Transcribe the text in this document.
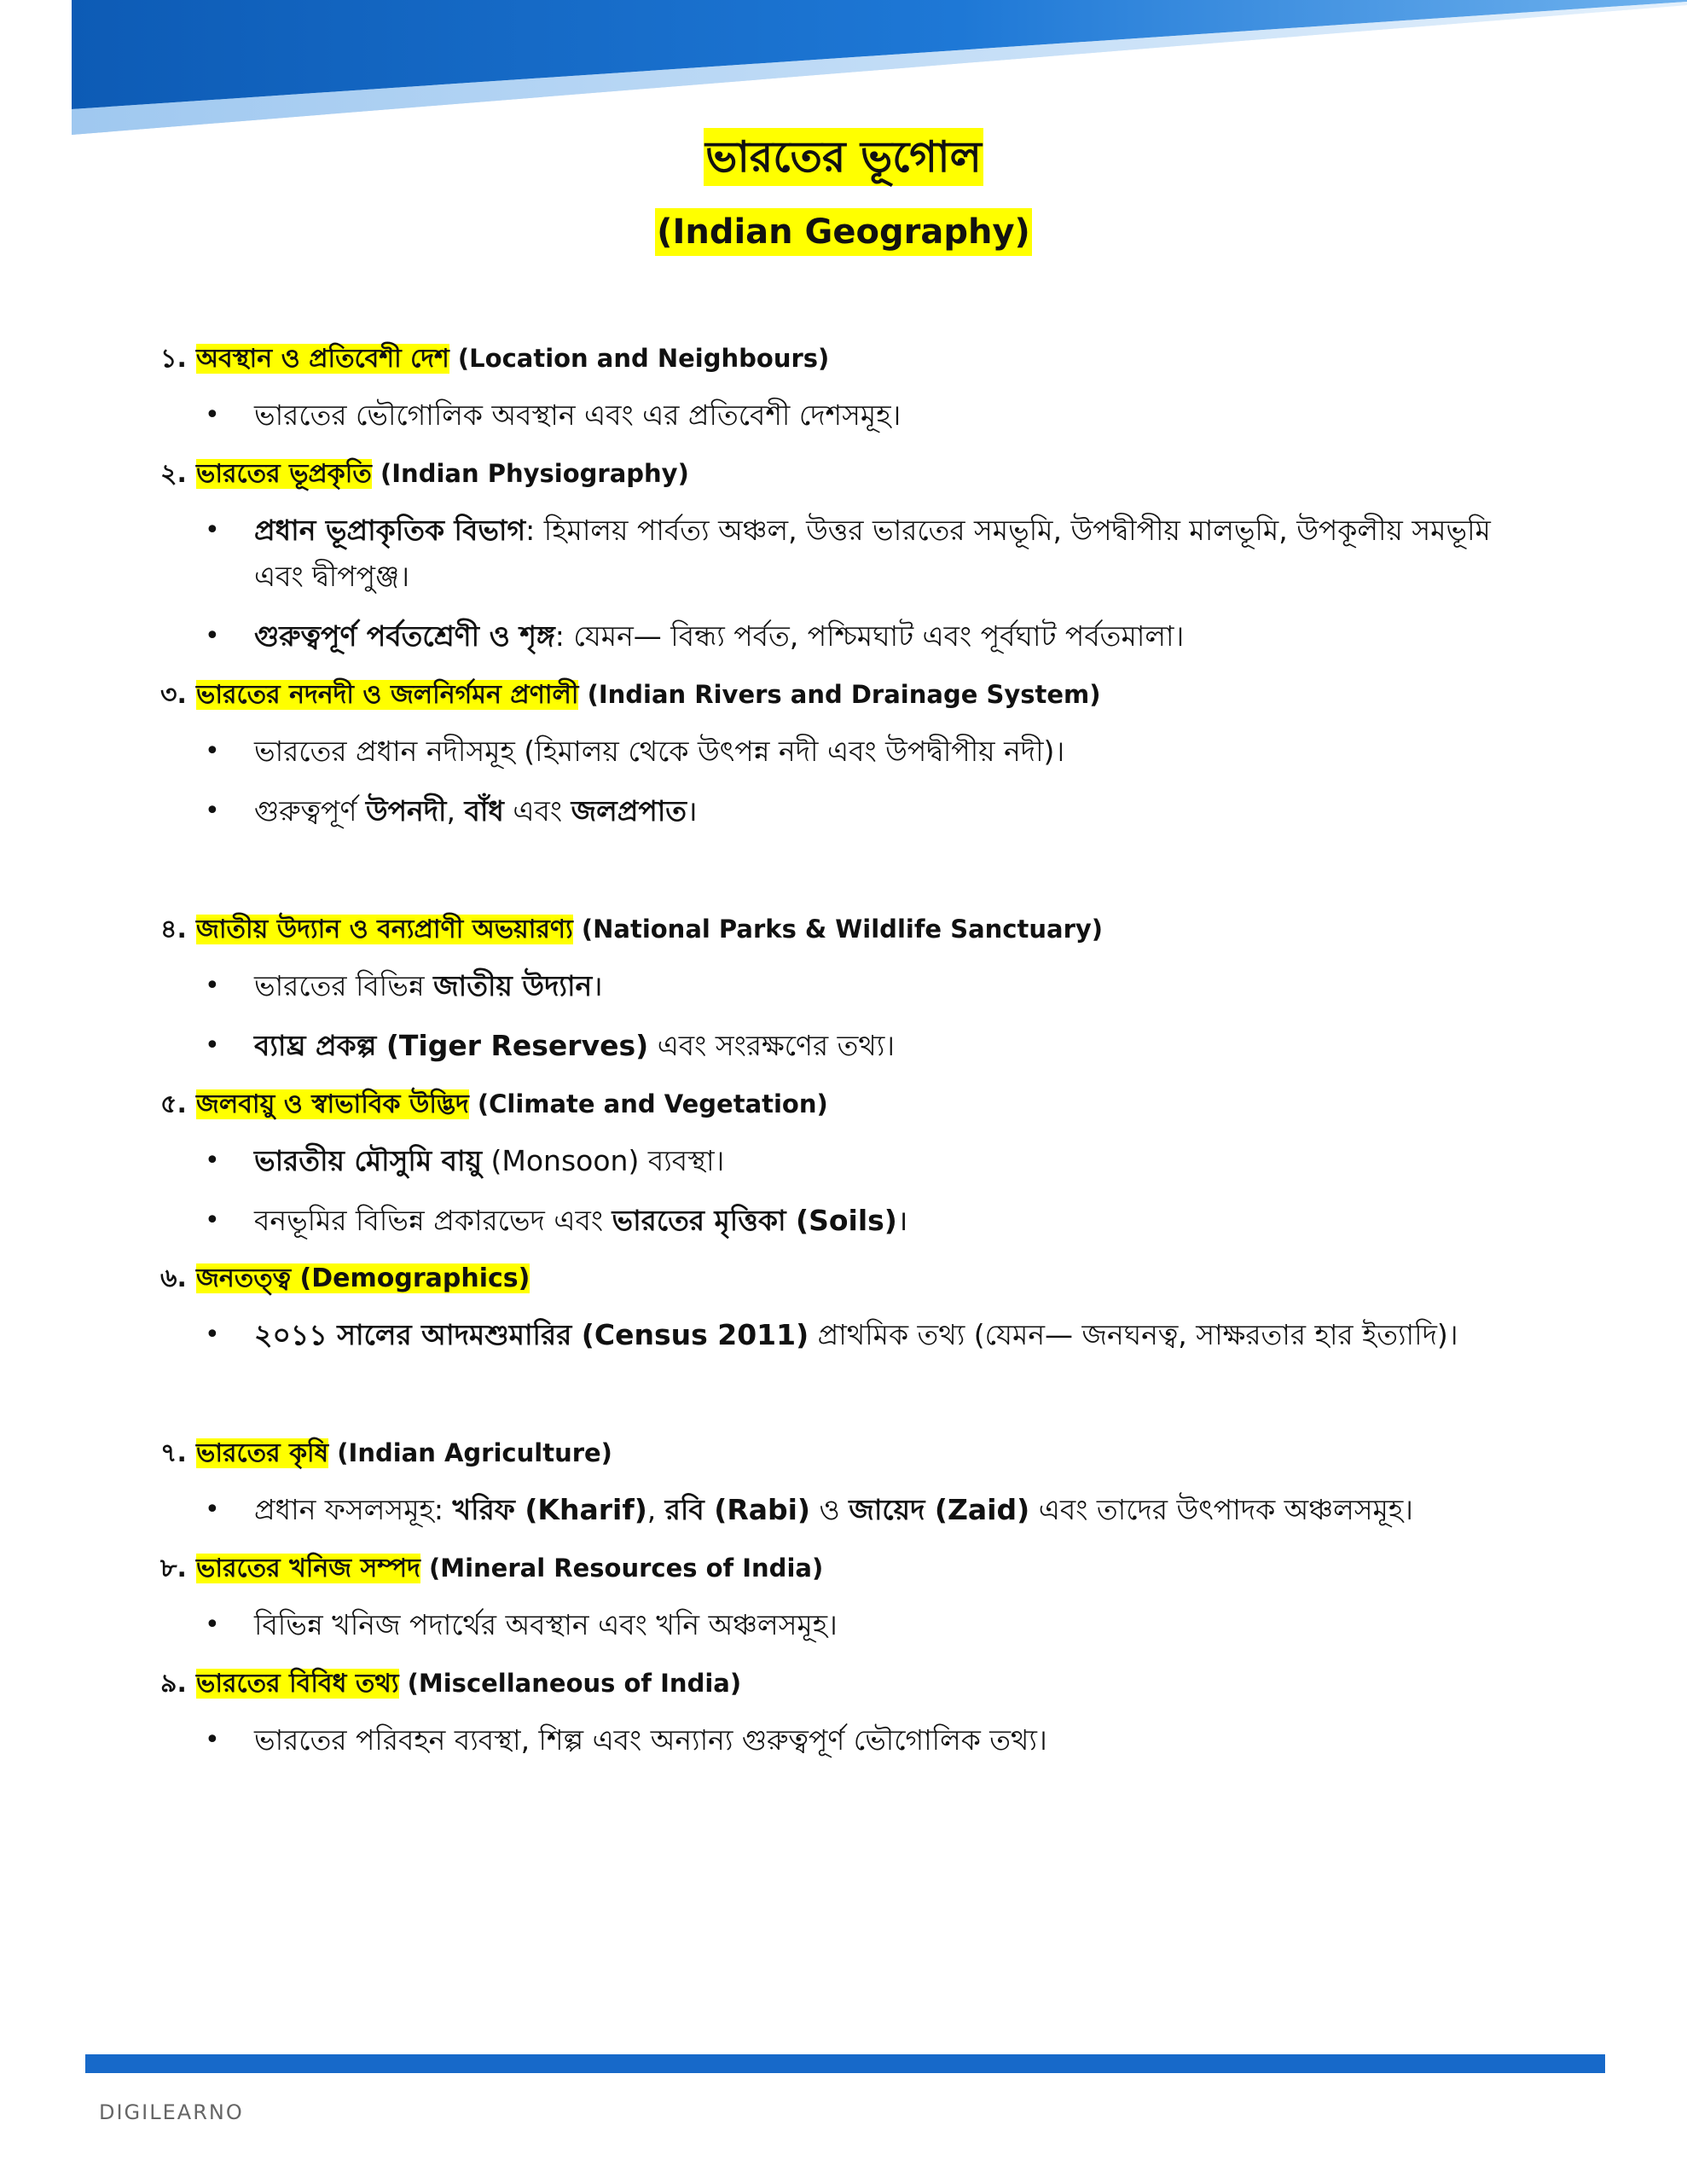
ভারতের ভূগোল
(Indian Geography)
১. অবস্থান ও প্রতিবেশী দেশ (Location and Neighbours)
• ভারতের ভৌগোলিক অবস্থান এবং এর প্রতিবেশী দেশসমূহ।
২. ভারতের ভূপ্রকৃতি (Indian Physiography)
• প্রধান ভূপ্রাকৃতিক বিভাগ: হিমালয় পার্বত্য অঞ্চল, উত্তর ভারতের সমভূমি, উপদ্বীপীয় মালভূমি, উপকূলীয় সমভূমি এবং দ্বীপপুঞ্জ।
• গুরুত্বপূর্ণ পর্বতশ্রেণী ও শৃঙ্গ: যেমন— বিন্ধ্য পর্বত, পশ্চিমঘাট এবং পূর্বঘাট পর্বতমালা।
৩. ভারতের নদনদী ও জলনির্গমন প্রণালী (Indian Rivers and Drainage System)
• ভারতের প্রধান নদীসমূহ (হিমালয় থেকে উৎপন্ন নদী এবং উপদ্বীপীয় নদী)।
• গুরুত্বপূর্ণ উপনদী, বাঁধ এবং জলপ্রপাত।
৪. জাতীয় উদ্যান ও বন্যপ্রাণী অভয়ারণ্য (National Parks & Wildlife Sanctuary)
• ভারতের বিভিন্ন জাতীয় উদ্যান।
• ব্যাঘ্র প্রকল্প (Tiger Reserves) এবং সংরক্ষণের তথ্য।
৫. জলবায়ু ও স্বাভাবিক উদ্ভিদ (Climate and Vegetation)
• ভারতীয় মৌসুমি বায়ু (Monsoon) ব্যবস্থা।
• বনভূমির বিভিন্ন প্রকারভেদ এবং ভারতের মৃত্তিকা (Soils)।
৬. জনতত্ত্ব (Demographics)
• ২০১১ সালের আদমশুমারির (Census 2011) প্রাথমিক তথ্য (যেমন— জনঘনত্ব, সাক্ষরতার হার ইত্যাদি)।
৭. ভারতের কৃষি (Indian Agriculture)
• প্রধান ফসলসমূহ: খরিফ (Kharif), রবি (Rabi) ও জায়েদ (Zaid) এবং তাদের উৎপাদক অঞ্চলসমূহ।
৮. ভারতের খনিজ সম্পদ (Mineral Resources of India)
• বিভিন্ন খনিজ পদার্থের অবস্থান এবং খনি অঞ্চলসমূহ।
৯. ভারতের বিবিধ তথ্য (Miscellaneous of India)
• ভারতের পরিবহন ব্যবস্থা, শিল্প এবং অন্যান্য গুরুত্বপূর্ণ ভৌগোলিক তথ্য।
DIGILEARNO
